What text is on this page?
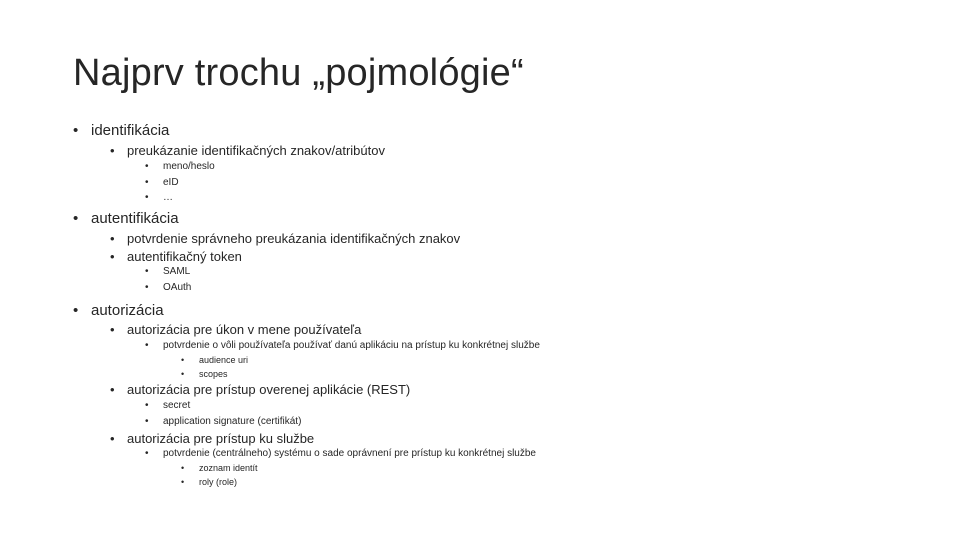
Najprv trochu „pojmológie“
• identifikácia
• preukázanie identifikačných znakov/atribútov
• meno/heslo
• eID
• …
• autentifikácia
• potvrdenie správneho preukázania identifikačných znakov
• autentifikačný token
• SAML
• OAuth
• autorizácia
• autorizácia pre úkon v mene používateľa
• potvrdenie o vôli používateľa používať danú aplikáciu na prístup ku konkrétnej službe
• audience uri
• scopes
• autorizácia pre prístup overenej aplikácie (REST)
• secret
• application signature (certifikát)
• autorizácia pre prístup ku službe
• potvrdenie (centrálneho) systému o sade oprávnení pre prístup ku konkrétnej službe
• zoznam identít
• roly (role)
